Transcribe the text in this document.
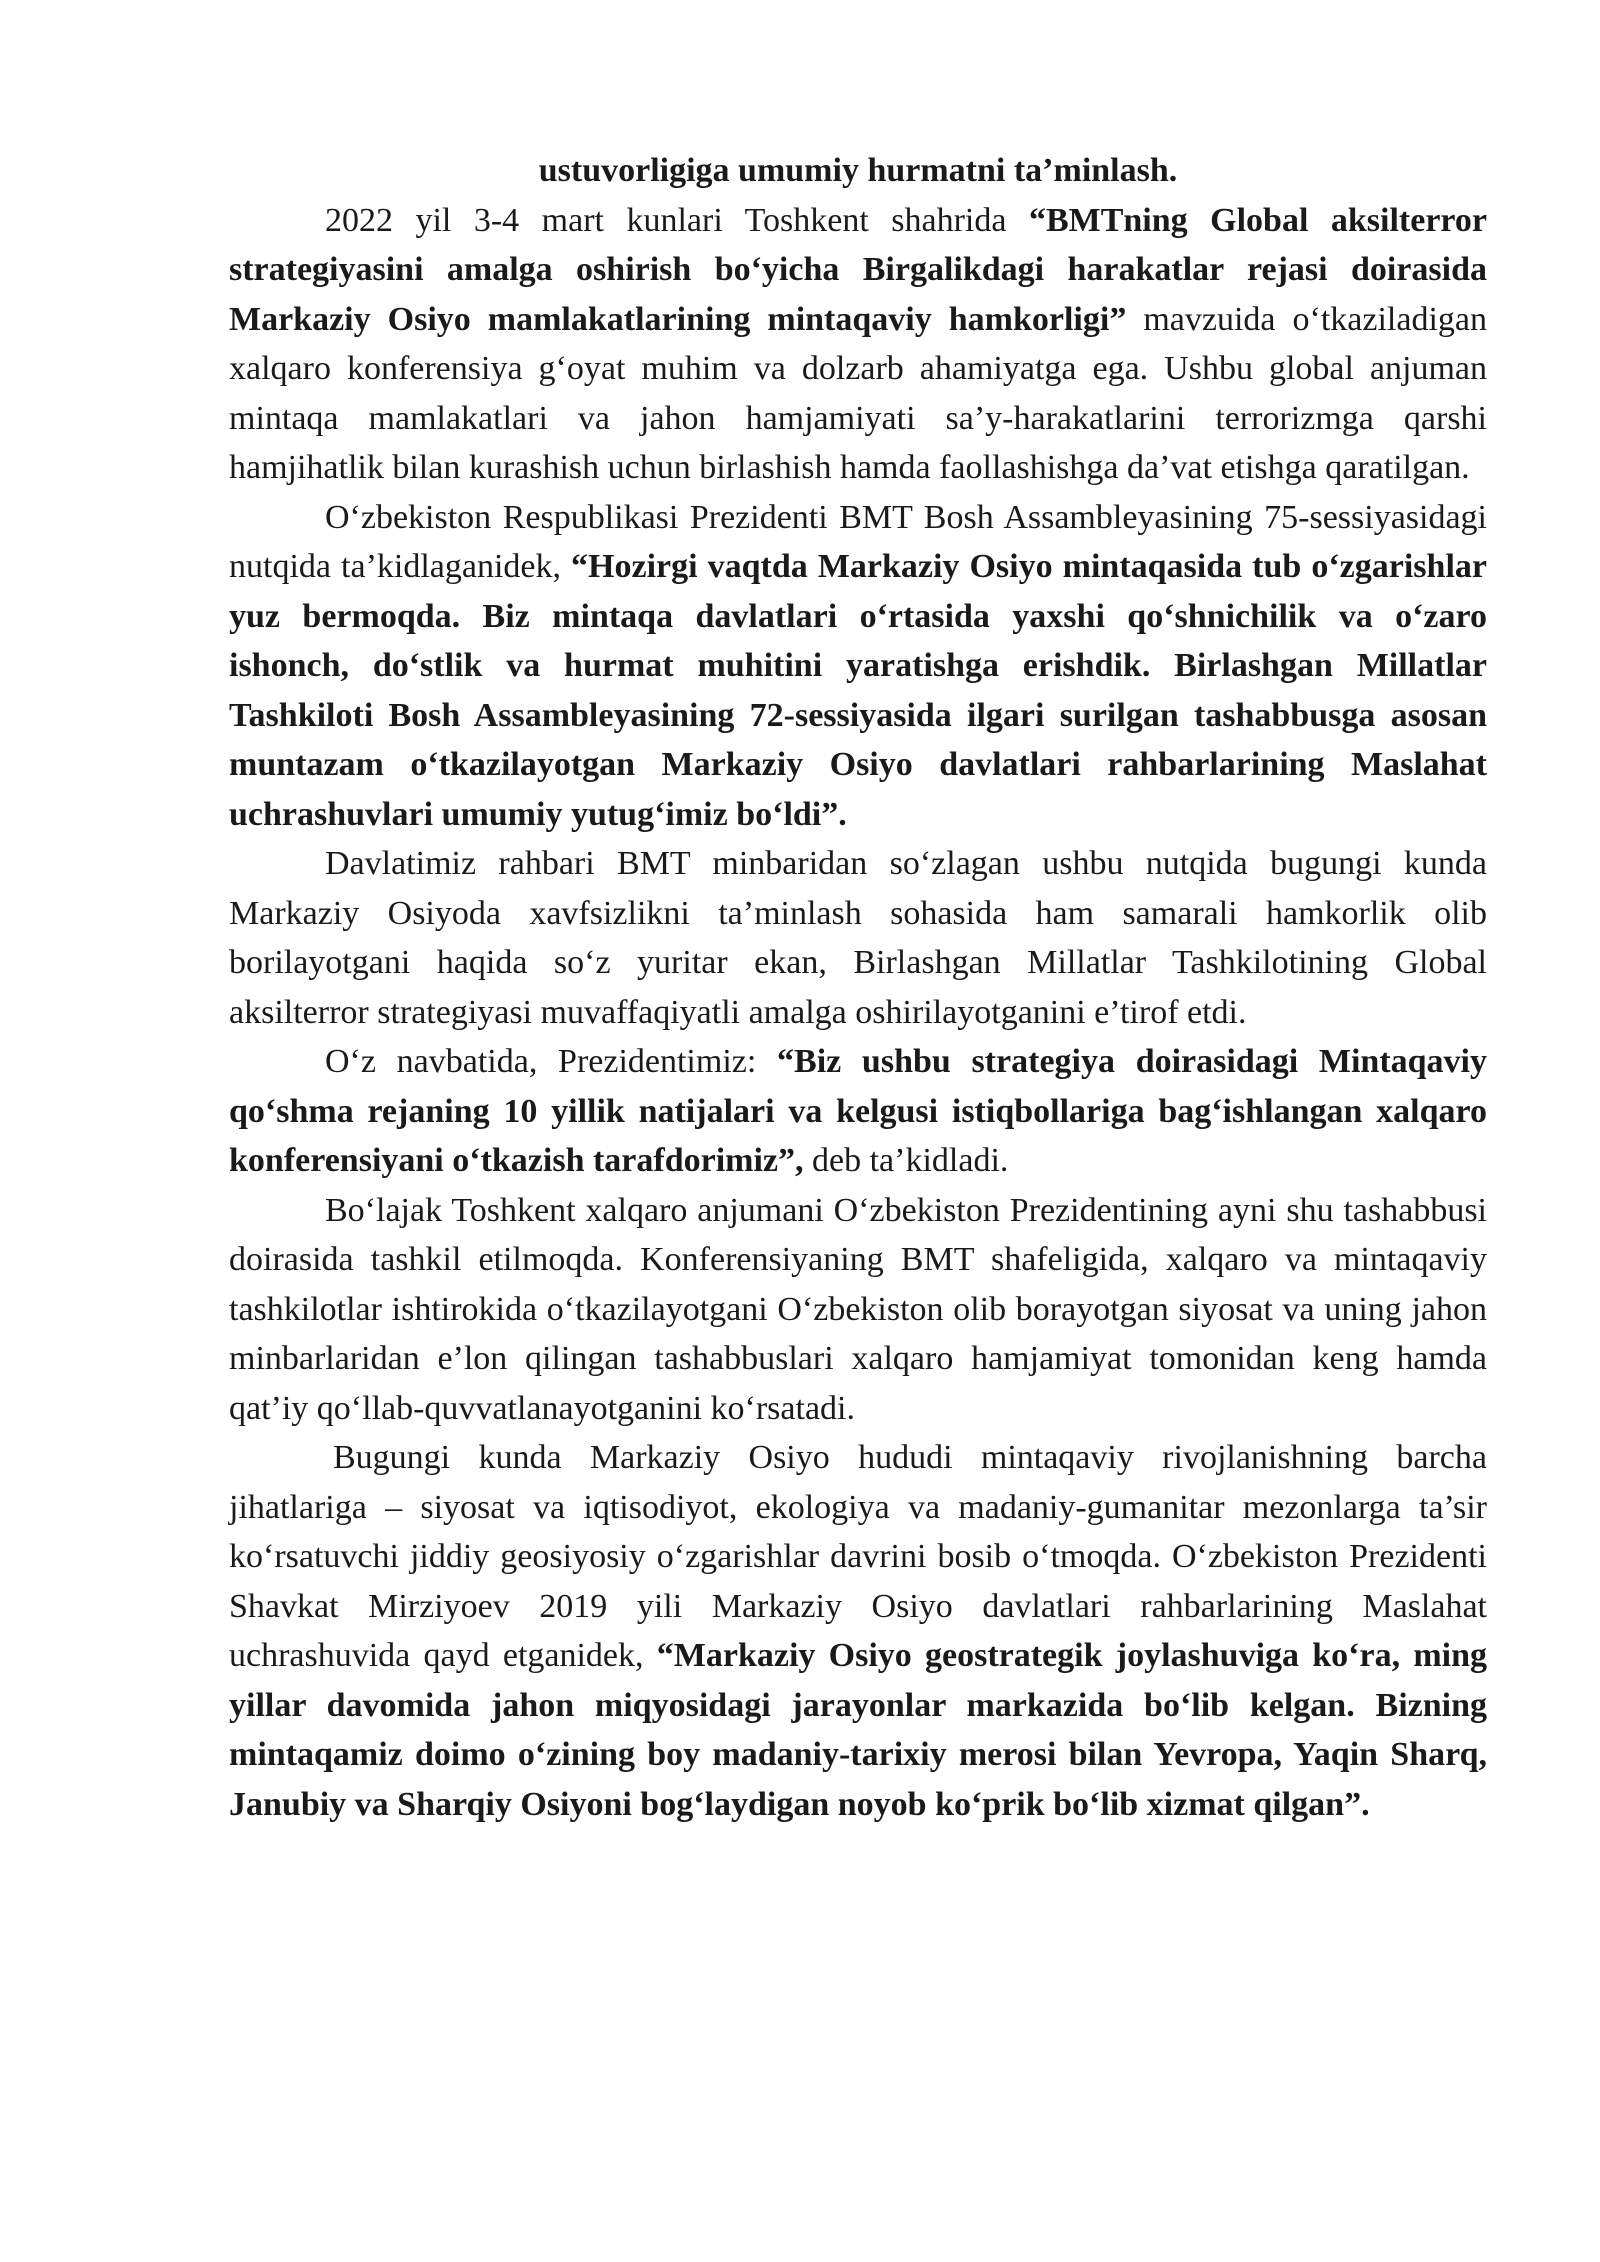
ustuvorligiga umumiy hurmatni ta’minlash.

2022 yil 3-4 mart kunlari Toshkent shahrida “BMTning Global aksilterror strategiyasini amalga oshirish bo‘yicha Birgalikdagi harakatlar rejasi doirasida Markaziy Osiyo mamlakatlarining mintaqaviy hamkorligi” mavzuida o‘tkaziladigan xalqaro konferensiya g‘oyat muhim va dolzarb ahamiyatga ega. Ushbu global anjuman mintaqa mamlakatlari va jahon hamjamiyati sa’y-harakatlarini terrorizmga qarshi hamjihatlik bilan kurashish uchun birlashish hamda faollashishga da’vat etishga qaratilgan.

O‘zbekiston Respublikasi Prezidenti BMT Bosh Assambleyasining 75-sessiyasidagi nutqida ta’kidlaganidek, “Hozirgi vaqtda Markaziy Osiyo mintaqasida tub o‘zgarishlar yuz bermoqda. Biz mintaqa davlatlari o‘rtasida yaxshi qo‘shnichilik va o‘zaro ishonch, do‘stlik va hurmat muhitini yaratishga erishdik. Birlashgan Millatlar Tashkiloti Bosh Assambleyasining 72-sessiyasida ilgari surilgan tashabbusga asosan muntazam o‘tkazilayotgan Markaziy Osiyo davlatlari rahbarlarining Maslahat uchrashuvlari umumiy yutug‘imiz bo‘ldi”.

Davlatimiz rahbari BMT minbaridan so‘zlagan ushbu nutqida bugungi kunda Markaziy Osiyoda xavfsizlikni ta’minlash sohasida ham samarali hamkorlik olib borilayotgani haqida so‘z yuritar ekan, Birlashgan Millatlar Tashkilotining Global aksilterror strategiyasi muvaffaqiyatli amalga oshirilayotganini e’tirof etdi.

O‘z navbatida, Prezidentimiz: “Biz ushbu strategiya doirasidagi Mintaqaviy qo‘shma rejaning 10 yillik natijalari va kelgusi istiqbollariga bag‘ishlangan xalqaro konferensiyani o‘tkazish tarafdorimiz”, deb ta’kidladi.

Bo‘lajak Toshkent xalqaro anjumani O‘zbekiston Prezidentining ayni shu tashabbusi doirasida tashkil etilmoqda. Konferensiyaning BMT shafeligida, xalqaro va mintaqaviy tashkilotlar ishtirokida o‘tkazilayotgani O‘zbekiston olib borayotgan siyosat va uning jahon minbarlaridan e’lon qilingan tashabbuslari xalqaro hamjamiyat tomonidan keng hamda qat’iy qo‘llab-quvvatlanayotganini ko‘rsatadi.

Bugungi kunda Markaziy Osiyo hududi mintaqaviy rivojlanishning barcha jihatlariga – siyosat va iqtisodiyot, ekologiya va madaniy-gumanitar mezonlarga ta’sir ko‘rsatuvchi jiddiy geosiyosiy o‘zgarishlar davrini bosib o‘tmoqda. O‘zbekiston Prezidenti Shavkat Mirziyoev 2019 yili Markaziy Osiyo davlatlari rahbarlarining Maslahat uchrashuvida qayd etganidek, “Markaziy Osiyo geostrategik joylashuviga ko‘ra, ming yillar davomida jahon miqyosidagi jarayonlar markazida bo‘lib kelgan. Bizning mintaqamiz doimo o‘zining boy madaniy-tarixiy merosi bilan Yevropa, Yaqin Sharq, Janubiy va Sharqiy Osiyoni bog‘laydigan noyob ko‘prik bo‘lib xizmat qilgan”.
